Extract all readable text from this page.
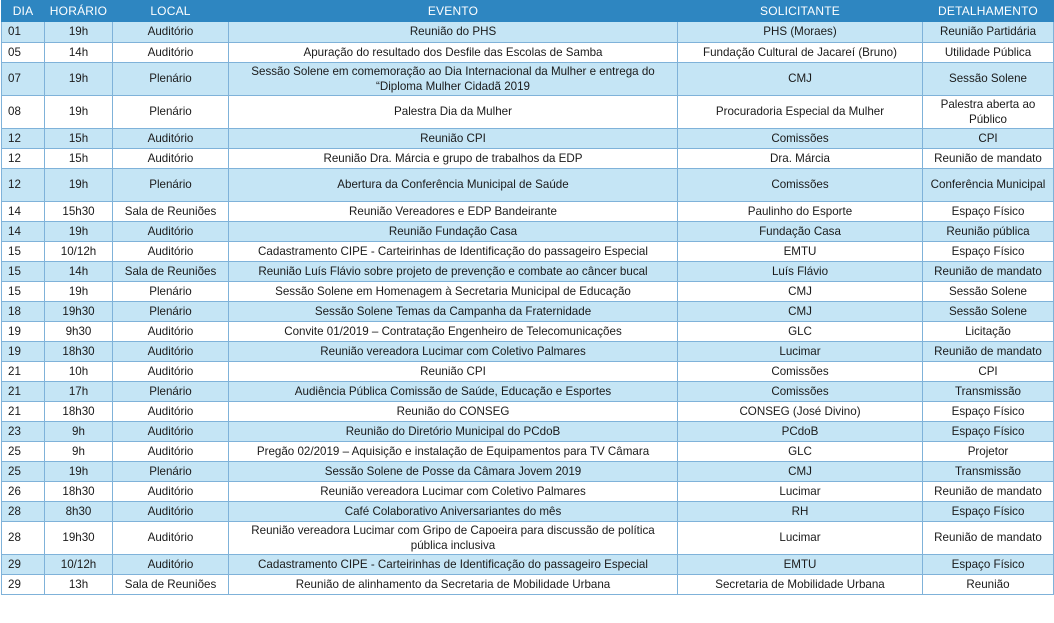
DIA	HORÁRIO	LOCAL	EVENTO	SOLICITANTE	DETALHAMENTO
01	19h	Auditório	Reunião do PHS	PHS (Moraes)	Reunião Partidária
05	14h	Auditório	Apuração do resultado dos Desfile das Escolas de Samba	Fundação Cultural de Jacareí (Bruno)	Utilidade Pública
07	19h	Plenário	Sessão Solene em comemoração ao Dia Internacional da Mulher e entrega do “Diploma Mulher Cidadã 2019	CMJ	Sessão Solene
08	19h	Plenário	Palestra Dia da Mulher	Procuradoria Especial da Mulher	Palestra aberta ao Público
12	15h	Auditório	Reunião CPI	Comissões	CPI
12	15h	Auditório	Reunião Dra. Márcia e grupo de trabalhos da EDP	Dra. Márcia	Reunião de mandato
12	19h	Plenário	Abertura da Conferência Municipal de Saúde	Comissões	Conferência Municipal
14	15h30	Sala de Reuniões	Reunião Vereadores e EDP Bandeirante	Paulinho do Esporte	Espaço Físico
14	19h	Auditório	Reunião Fundação Casa	Fundação Casa	Reunião pública
15	10/12h	Auditório	Cadastramento CIPE - Carteirinhas de Identificação do passageiro Especial	EMTU	Espaço Físico
15	14h	Sala de Reuniões	Reunião Luís Flávio sobre projeto de prevenção e combate ao câncer bucal	Luís Flávio	Reunião de mandato
15	19h	Plenário	Sessão Solene em Homenagem à Secretaria Municipal de Educação	CMJ	Sessão Solene
18	19h30	Plenário	Sessão Solene Temas da Campanha da Fraternidade	CMJ	Sessão Solene
19	9h30	Auditório	Convite 01/2019 – Contratação Engenheiro de Telecomunicações	GLC	Licitação
19	18h30	Auditório	Reunião vereadora Lucimar com Coletivo Palmares	Lucimar	Reunião de mandato
21	10h	Auditório	Reunião CPI	Comissões	CPI
21	17h	Plenário	Audiência Pública Comissão de Saúde, Educação e Esportes	Comissões	Transmissão
21	18h30	Auditório	Reunião do CONSEG	CONSEG (José Divino)	Espaço Físico
23	9h	Auditório	Reunião do Diretório Municipal do PCdoB	PCdoB	Espaço Físico
25	9h	Auditório	Pregão 02/2019 – Aquisição e instalação de Equipamentos para TV Câmara	GLC	Projetor
25	19h	Plenário	Sessão Solene de Posse da Câmara Jovem 2019	CMJ	Transmissão
26	18h30	Auditório	Reunião vereadora Lucimar com Coletivo Palmares	Lucimar	Reunião de mandato
28	8h30	Auditório	Café Colaborativo Aniversariantes do mês	RH	Espaço Físico
28	19h30	Auditório	Reunião vereadora Lucimar com Gripo de Capoeira para discussão de política pública inclusiva	Lucimar	Reunião de mandato
29	10/12h	Auditório	Cadastramento CIPE - Carteirinhas de Identificação do passageiro Especial	EMTU	Espaço Físico
29	13h	Sala de Reuniões	Reunião de alinhamento da Secretaria de Mobilidade Urbana	Secretaria de Mobilidade Urbana	Reunião
